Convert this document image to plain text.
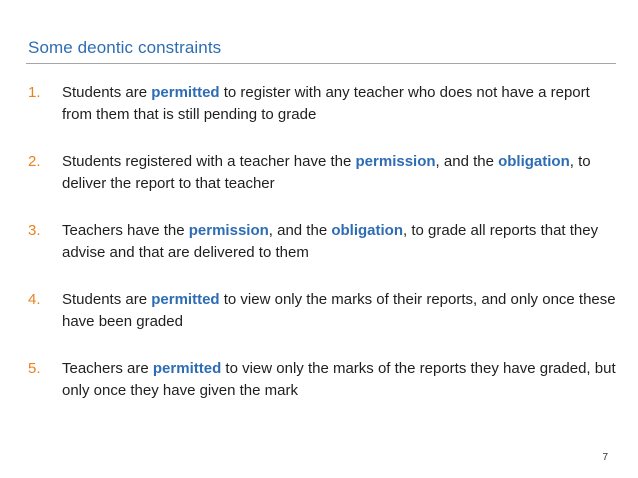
Some deontic constraints
1.	Students are permitted to register with any teacher who does not have a report from them that is still pending to grade
2.	Students registered with a teacher have the permission, and the obligation, to deliver the report to that teacher
3.	Teachers have the permission, and the obligation, to grade all reports that they advise and that are delivered to them
4.	Students are permitted to view only the marks of their reports, and only once these have been graded
5.	Teachers are permitted to view only the marks of the reports they have graded, but only once they have given the mark
7
